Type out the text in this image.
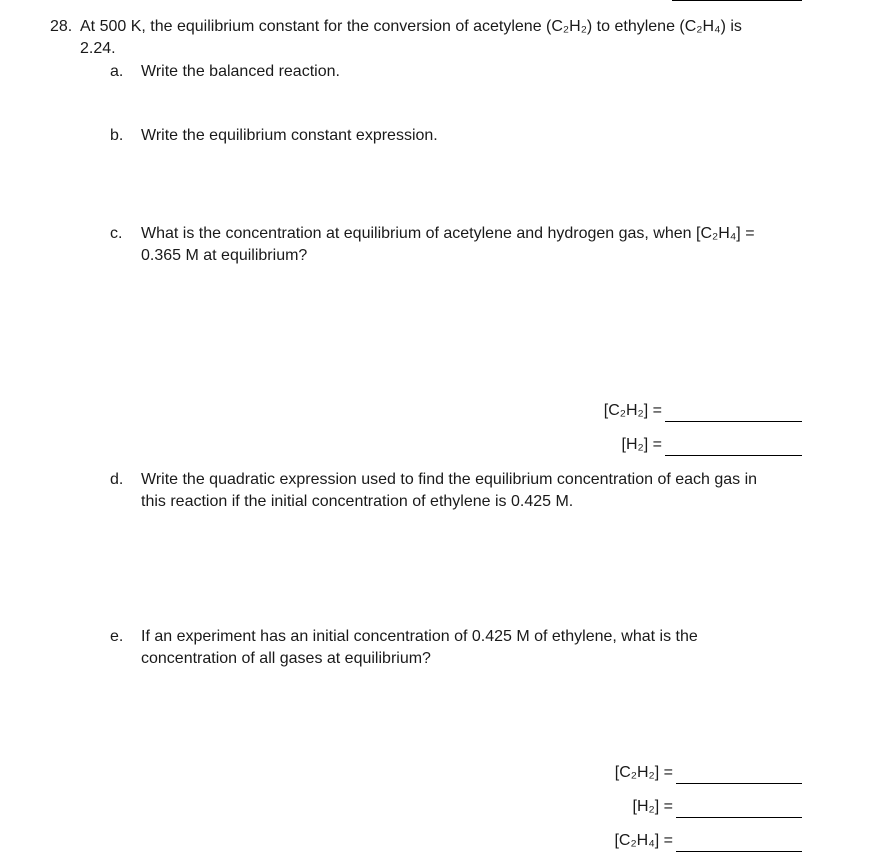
28. At 500 K, the equilibrium constant for the conversion of acetylene (C₂H₂) to ethylene (C₂H₄) is
2.24.
a. Write the balanced reaction.
b. Write the equilibrium constant expression.
c. What is the concentration at equilibrium of acetylene and hydrogen gas, when [C₂H₄] =
0.365 M at equilibrium?
[C₂H₂] =
[H₂] =
d. Write the quadratic expression used to find the equilibrium concentration of each gas in
this reaction if the initial concentration of ethylene is 0.425 M.
e. If an experiment has an initial concentration of 0.425 M of ethylene, what is the
concentration of all gases at equilibrium?
[C₂H₂] =
[H₂] =
[C₂H₄] =
